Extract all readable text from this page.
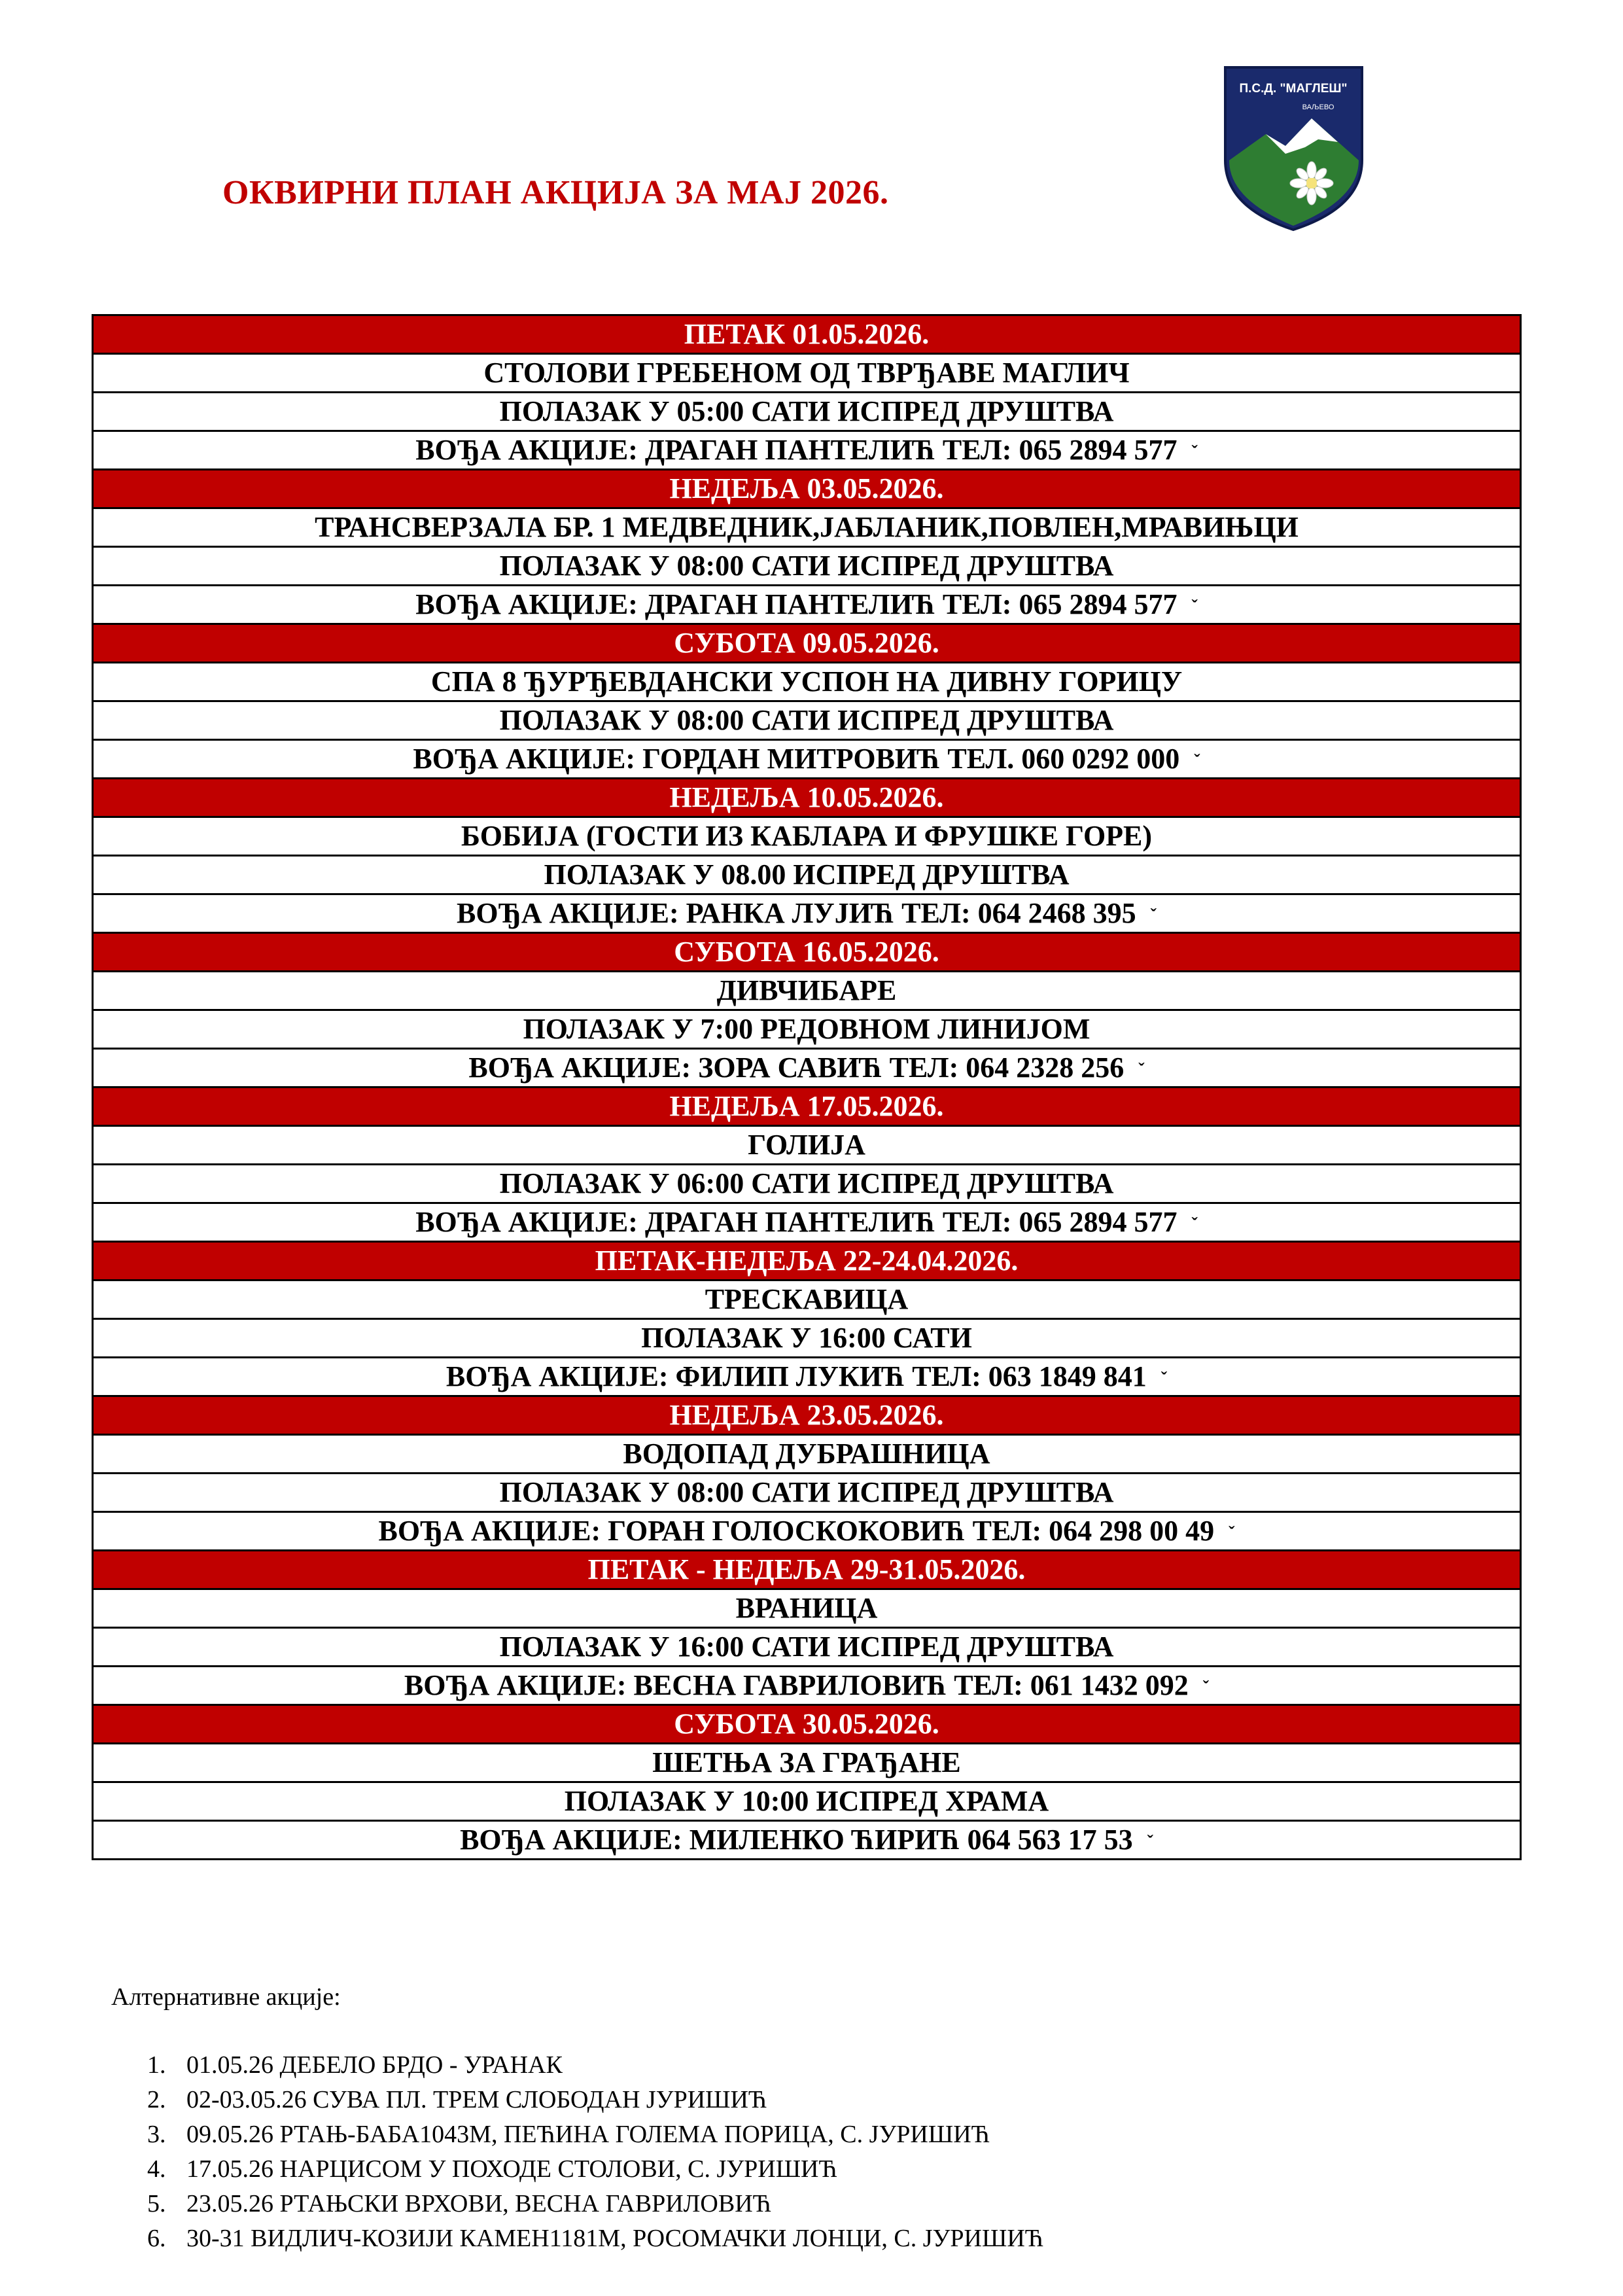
ОКВИРНИ ПЛАН АКЦИЈА ЗА МАЈ 2026.
П.С.Д. "МАГЛЕШ"
ВАЉЕВО
ПЕТАК 01.05.2026.
СТОЛОВИ ГРЕБЕНОМ ОД ТВРЂАВЕ МАГЛИЧ
ПОЛАЗАК У 05:00 САТИ ИСПРЕД ДРУШТВА
ВОЂА АКЦИЈЕ: ДРАГАН ПАНТЕЛИЋ ТЕЛ: 065 2894 577 ˇ
НЕДЕЉА 03.05.2026.
ТРАНСВЕРЗАЛА БР. 1 МЕДВЕДНИК,ЈАБЛАНИК,ПОВЛЕН,МРАВИЊЦИ
ПОЛАЗАК У 08:00 САТИ ИСПРЕД ДРУШТВА
ВОЂА АКЦИЈЕ: ДРАГАН ПАНТЕЛИЋ ТЕЛ: 065 2894 577 ˇ
СУБОТА 09.05.2026.
СПА 8 ЂУРЂЕВДАНСКИ УСПОН НА ДИВНУ ГОРИЦУ
ПОЛАЗАК У 08:00 САТИ ИСПРЕД ДРУШТВА
ВОЂА АКЦИЈЕ: ГОРДАН МИТРОВИЋ ТЕЛ. 060 0292 000 ˇ
НЕДЕЉА 10.05.2026.
БОБИЈА (ГОСТИ ИЗ КАБЛАРА И ФРУШКЕ ГОРЕ)
ПОЛАЗАК У 08.00 ИСПРЕД ДРУШТВА
ВОЂА АКЦИЈЕ: РАНКА ЛУЈИЋ ТЕЛ: 064 2468 395 ˇ
СУБОТА 16.05.2026.
ДИВЧИБАРЕ
ПОЛАЗАК У 7:00 РЕДОВНОМ ЛИНИЈОМ
ВОЂА АКЦИЈЕ: ЗОРА САВИЋ ТЕЛ: 064 2328 256 ˇ
НЕДЕЉА 17.05.2026.
ГОЛИЈА
ПОЛАЗАК У 06:00 САТИ ИСПРЕД ДРУШТВА
ВОЂА АКЦИЈЕ: ДРАГАН ПАНТЕЛИЋ ТЕЛ: 065 2894 577 ˇ
ПЕТАК-НЕДЕЉА 22-24.04.2026.
ТРЕСКАВИЦА
ПОЛАЗАК У 16:00 САТИ
ВОЂА АКЦИЈЕ: ФИЛИП ЛУКИЋ ТЕЛ: 063 1849 841 ˇ
НЕДЕЉА 23.05.2026.
ВОДОПАД ДУБРАШНИЦА
ПОЛАЗАК У 08:00 САТИ ИСПРЕД ДРУШТВА
ВОЂА АКЦИЈЕ: ГОРАН ГОЛОСКОКОВИЋ ТЕЛ: 064 298 00 49 ˇ
ПЕТАК - НЕДЕЉА 29-31.05.2026.
ВРАНИЦА
ПОЛАЗАК У 16:00 САТИ ИСПРЕД ДРУШТВА
ВОЂА АКЦИЈЕ: ВЕСНА ГАВРИЛОВИЋ ТЕЛ: 061 1432 092 ˇ
СУБОТА 30.05.2026.
ШЕТЊА ЗА ГРАЂАНЕ
ПОЛАЗАК У 10:00 ИСПРЕД ХРАМА
ВОЂА АКЦИЈЕ: МИЛЕНКО ЋИРИЋ 064 563 17 53 ˇ
Алтернативне акције:
1. 01.05.26 ДЕБЕЛО БРДО - УРАНАК
2. 02-03.05.26 СУВА ПЛ. ТРЕМ СЛОБОДАН ЈУРИШИЋ
3. 09.05.26 РТАЊ-БАБА1043М, ПЕЋИНА ГОЛЕМА ПОРИЦА, С. ЈУРИШИЋ
4. 17.05.26 НАРЦИСОМ У ПОХОДЕ СТОЛОВИ, С. ЈУРИШИЋ
5. 23.05.26 РТАЊСКИ ВРХОВИ, ВЕСНА ГАВРИЛОВИЋ
6. 30-31 ВИДЛИЧ-КОЗИЈИ КАМЕН1181М, РОСОМАЧКИ ЛОНЦИ, С. ЈУРИШИЋ
